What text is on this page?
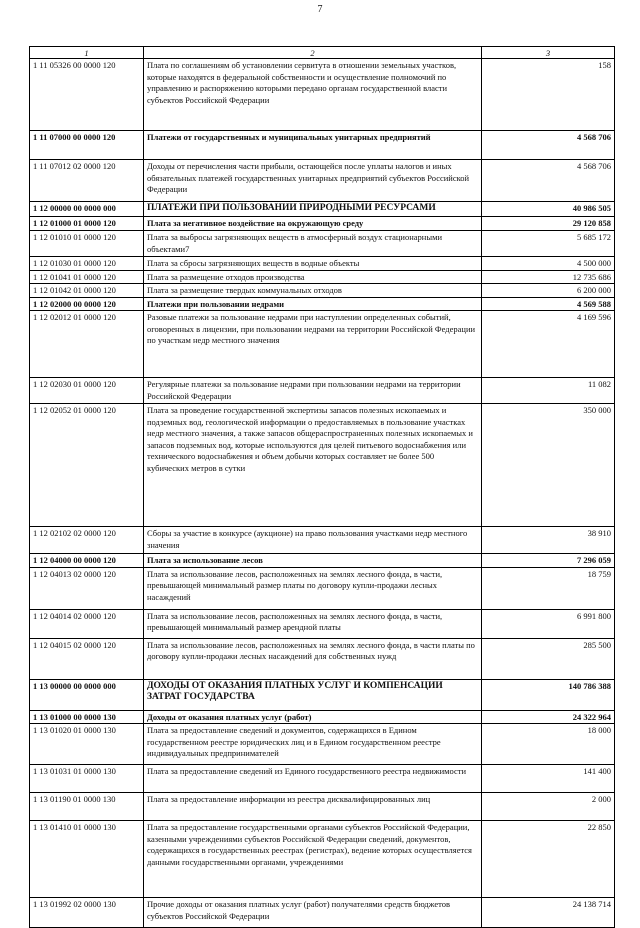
7
1	2	3
1 11 05326 00 0000 120	Плата по соглашениям об установлении сервитута в отношении земельных участков, которые находятся в федеральной собственности и осуществление полномочий по управлению и распоряжению которыми передано органам государственной власти субъектов Российской Федерации	158
1 11 07000 00 0000 120	Платежи от государственных и муниципальных унитарных предприятий	4 568 706
1 11 07012 02 0000 120	Доходы от перечисления части прибыли, остающейся после уплаты налогов и иных обязательных платежей государственных унитарных предприятий субъектов Российской Федерации	4 568 706
1 12 00000 00 0000 000	ПЛАТЕЖИ ПРИ ПОЛЬЗОВАНИИ ПРИРОДНЫМИ РЕСУРСАМИ	40 986 505
1 12 01000 01 0000 120	Плата за негативное воздействие на окружающую среду	29 120 858
1 12 01010 01 0000 120	Плата за выбросы загрязняющих веществ в атмосферный воздух стационарными объектами7	5 685 172
1 12 01030 01 0000 120	Плата за сбросы загрязняющих веществ в водные объекты	4 500 000
1 12 01041 01 0000 120	Плата за размещение отходов производства	12 735 686
1 12 01042 01 0000 120	Плата за размещение твердых коммунальных отходов	6 200 000
1 12 02000 00 0000 120	Платежи при пользовании недрами	4 569 588
1 12 02012 01 0000 120	Разовые платежи за пользование недрами при наступлении определенных событий, оговоренных в лицензии, при пользовании недрами на территории Российской Федерации по участкам недр местного значения	4 169 596
1 12 02030 01 0000 120	Регулярные платежи за пользование недрами при пользовании недрами на территории Российской Федерации	11 082
1 12 02052 01 0000 120	Плата за проведение государственной экспертизы запасов полезных ископаемых и подземных вод, геологической информации о предоставляемых в пользование участках недр местного значения, а также запасов общераспространенных полезных ископаемых и запасов подземных вод, которые используются для целей питьевого водоснабжения или технического водоснабжения и объем добычи которых составляет не более 500 кубических метров в сутки	350 000
1 12 02102 02 0000 120	Сборы за участие в конкурсе (аукционе) на право пользования участками недр местного значения	38 910
1 12 04000 00 0000 120	Плата за использование лесов	7 296 059
1 12 04013 02 0000 120	Плата за использование лесов, расположенных на землях лесного фонда, в части, превышающей минимальный размер платы по договору купли-продажи лесных насаждений	18 759
1 12 04014 02 0000 120	Плата за использование лесов, расположенных на землях лесного фонда, в части, превышающей минимальный размер арендной платы	6 991 800
1 12 04015 02 0000 120	Плата за использование лесов, расположенных на землях лесного фонда, в части платы по договору купли-продажи лесных насаждений для собственных нужд	285 500
1 13 00000 00 0000 000	ДОХОДЫ ОТ ОКАЗАНИЯ ПЛАТНЫХ УСЛУГ И КОМПЕНСАЦИИ ЗАТРАТ ГОСУДАРСТВА	140 786 388
1 13 01000 00 0000 130	Доходы от оказания платных услуг (работ)	24 322 964
1 13 01020 01 0000 130	Плата за предоставление сведений и документов, содержащихся в Едином государственном реестре юридических лиц и в Едином государственном реестре индивидуальных предпринимателей	18 000
1 13 01031 01 0000 130	Плата за предоставление сведений из Единого государственного реестра недвижимости	141 400
1 13 01190 01 0000 130	Плата за предоставление информации из реестра дисквалифицированных лиц	2 000
1 13 01410 01 0000 130	Плата за предоставление государственными органами субъектов Российской Федерации, казенными учреждениями субъектов Российской Федерации сведений, документов, содержащихся в государственных реестрах (регистрах), ведение которых осуществляется данными государственными органами, учреждениями	22 850
1 13 01992 02 0000 130	Прочие доходы от оказания платных услуг (работ) получателями средств бюджетов субъектов Российской Федерации	24 138 714
